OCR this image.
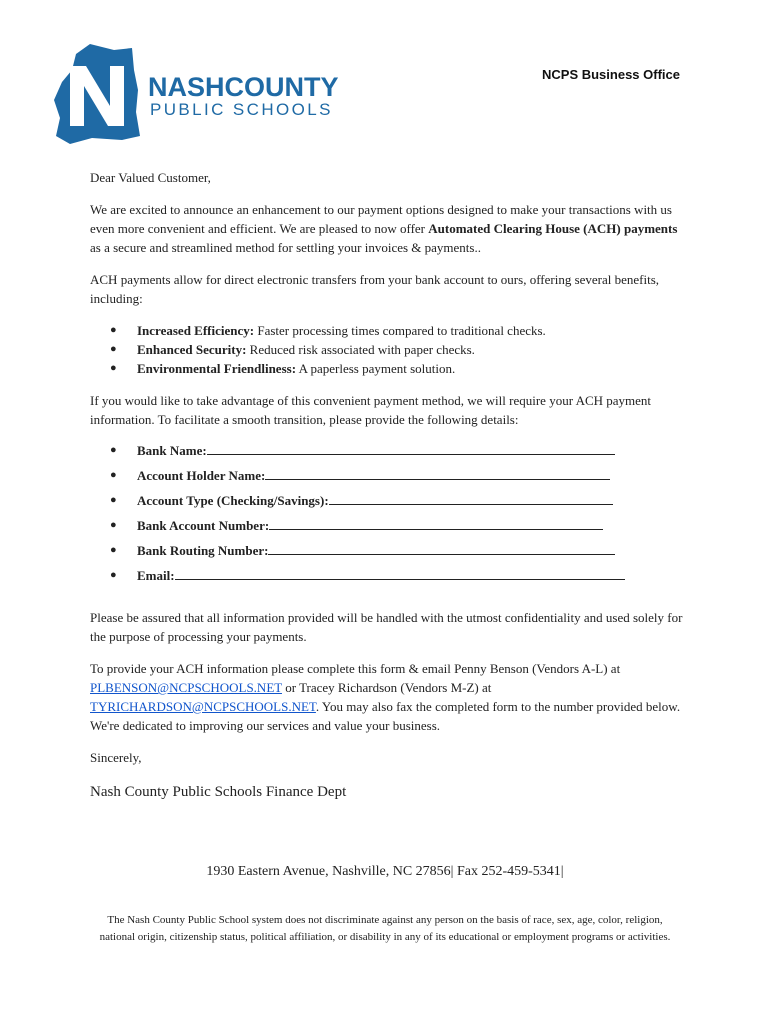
NASHCOUNTY
PUBLIC SCHOOLS
NCPS Business Office

Dear Valued Customer,

We are excited to announce an enhancement to our payment options designed to make your transactions with us even more convenient and efficient. We are pleased to now offer Automated Clearing House (ACH) payments as a secure and streamlined method for settling your invoices & payments..

ACH payments allow for direct electronic transfers from your bank account to ours, offering several benefits, including:

● Increased Efficiency: Faster processing times compared to traditional checks.
● Enhanced Security: Reduced risk associated with paper checks.
● Environmental Friendliness: A paperless payment solution.

If you would like to take advantage of this convenient payment method, we will require your ACH payment information. To facilitate a smooth transition, please provide the following details:

● Bank Name:
● Account Holder Name:
● Account Type (Checking/Savings):
● Bank Account Number:
● Bank Routing Number:
● Email:

Please be assured that all information provided will be handled with the utmost confidentiality and used solely for the purpose of processing your payments.

To provide your ACH information please complete this form & email Penny Benson (Vendors A-L) at PLBENSON@NCPSCHOOLS.NET or Tracey Richardson (Vendors M-Z) at TYRICHARDSON@NCPSCHOOLS.NET. You may also fax the completed form to the number provided below. We're dedicated to improving our services and value your business.

Sincerely,

Nash County Public Schools Finance Dept

1930 Eastern Avenue, Nashville, NC 27856| Fax 252-459-5341|
The Nash County Public School system does not discriminate against any person on the basis of race, sex, age, color, religion, national origin, citizenship status, political affiliation, or disability in any of its educational or employment programs or activities.
